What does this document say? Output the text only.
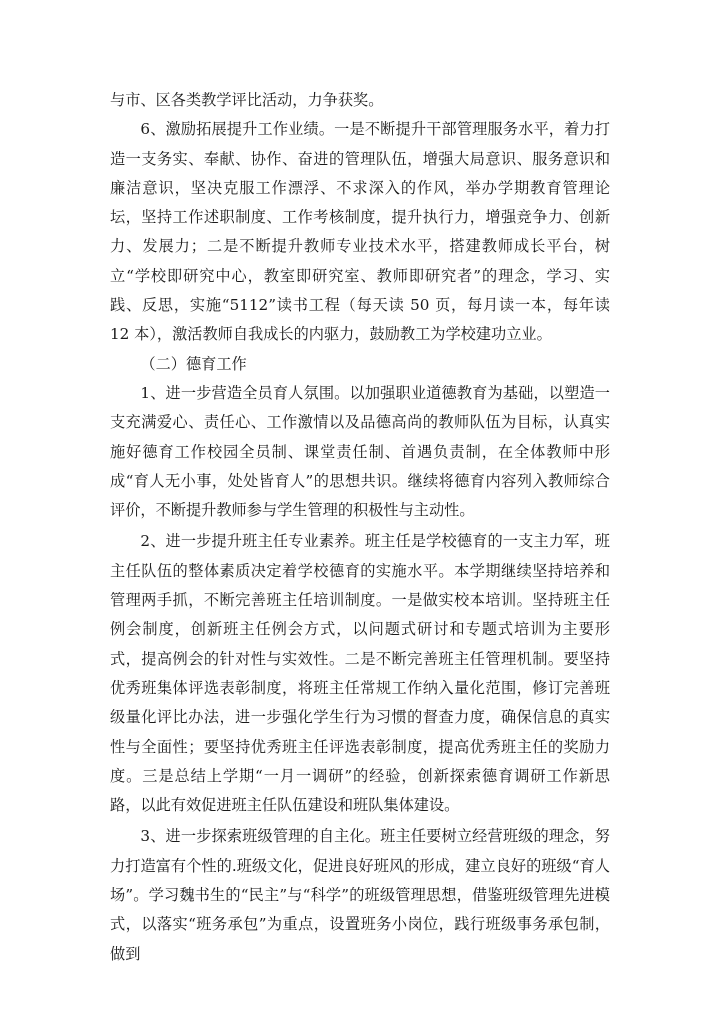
与市、区各类教学评比活动，力争获奖。

6、激励拓展提升工作业绩。一是不断提升干部管理服务水平，着力打造一支务实、奉献、协作、奋进的管理队伍，增强大局意识、服务意识和廉洁意识，坚决克服工作漂浮、不求深入的作风，举办学期教育管理论坛，坚持工作述职制度、工作考核制度，提升执行力，增强竞争力、创新力、发展力；二是不断提升教师专业技术水平，搭建教师成长平台，树立“学校即研究中心，教室即研究室、教师即研究者”的理念，学习、实践、反思，实施“5112”读书工程（每天读 50 页，每月读一本，每年读 12 本），激活教师自我成长的内驱力，鼓励教工为学校建功立业。

（二）德育工作

1、进一步营造全员育人氛围。以加强职业道德教育为基础，以塑造一支充满爱心、责任心、工作激情以及品德高尚的教师队伍为目标，认真实施好德育工作校园全员制、课堂责任制、首遇负责制，在全体教师中形成“育人无小事，处处皆育人”的思想共识。继续将德育内容列入教师综合评价，不断提升教师参与学生管理的积极性与主动性。

2、进一步提升班主任专业素养。班主任是学校德育的一支主力军，班主任队伍的整体素质决定着学校德育的实施水平。本学期继续坚持培养和管理两手抓，不断完善班主任培训制度。一是做实校本培训。坚持班主任例会制度，创新班主任例会方式，以问题式研讨和专题式培训为主要形式，提高例会的针对性与实效性。二是不断完善班主任管理机制。要坚持优秀班集体评选表彰制度，将班主任常规工作纳入量化范围，修订完善班级量化评比办法，进一步强化学生行为习惯的督查力度，确保信息的真实性与全面性；要坚持优秀班主任评选表彰制度，提高优秀班主任的奖励力度。三是总结上学期“一月一调研”的经验，创新探索德育调研工作新思路，以此有效促进班主任队伍建设和班队集体建设。

3、进一步探索班级管理的自主化。班主任要树立经营班级的理念，努力打造富有个性的.班级文化，促进良好班风的形成，建立良好的班级“育人场”。学习魏书生的“民主”与“科学”的班级管理思想，借鉴班级管理先进模式，以落实“班务承包”为重点，设置班务小岗位，践行班级事务承包制，做到
